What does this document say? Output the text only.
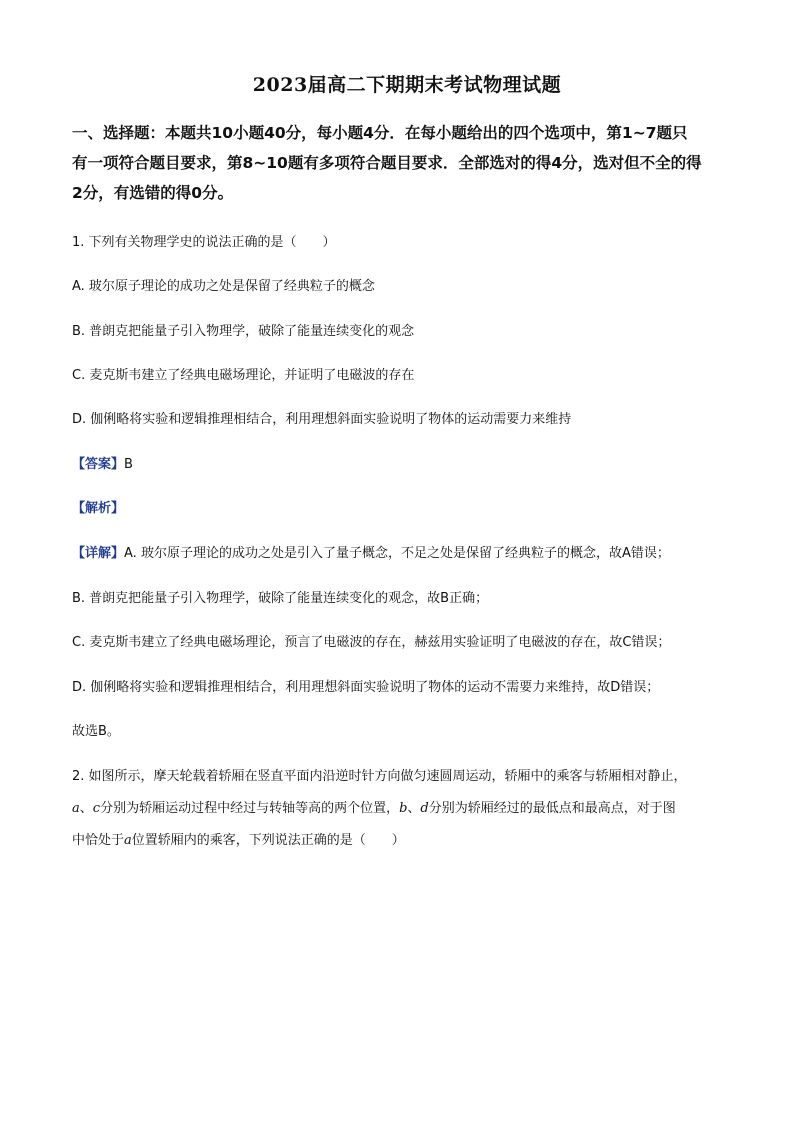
2023届高二下期期末考试物理试题
一、选择题：本题共10小题40分，每小题4分．在每小题给出的四个选项中，第1~7题只
有一项符合题目要求，第8~10题有多项符合题目要求．全部选对的得4分，选对但不全的得
2分，有选错的得0分。
1. 下列有关物理学史的说法正确的是（　　）
A. 玻尔原子理论的成功之处是保留了经典粒子的概念
B. 普朗克把能量子引入物理学，破除了能量连续变化的观念
C. 麦克斯韦建立了经典电磁场理论，并证明了电磁波的存在
D. 伽俐略将实验和逻辑推理相结合，利用理想斜面实验说明了物体的运动需要力来维持
【答案】B
【解析】
【详解】A. 玻尔原子理论的成功之处是引入了量子概念，不足之处是保留了经典粒子的概念，故A错误；
B. 普朗克把能量子引入物理学，破除了能量连续变化的观念，故B正确；
C. 麦克斯韦建立了经典电磁场理论，预言了电磁波的存在，赫兹用实验证明了电磁波的存在，故C错误；
D. 伽俐略将实验和逻辑推理相结合，利用理想斜面实验说明了物体的运动不需要力来维持，故D错误；
故选B。
2. 如图所示，摩天轮载着轿厢在竖直平面内沿逆时针方向做匀速圆周运动，轿厢中的乘客与轿厢相对静止，
a、c分别为轿厢运动过程中经过与转轴等高的两个位置，b、d分别为轿厢经过的最低点和最高点，对于图
中恰处于a位置轿厢内的乘客，下列说法正确的是（　　）
